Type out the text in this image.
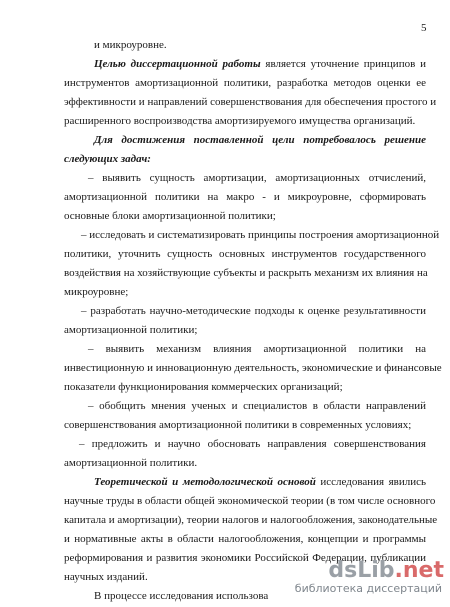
5
и микроуровне.
Целью диссертационной работы является уточнение принципов и
инструментов амортизационной политики, разработка методов оценки ее
эффективности и направлений совершенствования для обеспечения простого и
расширенного воспроизводства амортизируемого имущества организаций.
Для достижения поставленной цели потребовалось решение
следующих задач:
– выявить сущность амортизации, амортизационных отчислений,
амортизационной политики на макро - и микроуровне, сформировать
основные блоки амортизационной политики;
– исследовать и систематизировать принципы построения амортизационной
политики, уточнить сущность основных инструментов государственного
воздействия на хозяйствующие субъекты и раскрыть механизм их влияния на
микроуровне;
– разработать научно-методические подходы к оценке результативности
амортизационной политики;
– выявить механизм влияния амортизационной политики на
инвестиционную и инновационную деятельность, экономические и финансовые
показатели функционирования коммерческих организаций;
– обобщить мнения ученых и специалистов в области направлений
совершенствования амортизационной политики в современных условиях;
– предложить и научно обосновать направления совершенствования
амортизационной политики.
Теоретической и методологической основой исследования явились
научные труды в области общей экономической теории (в том числе основного
капитала и амортизации), теории налогов и налогообложения, законодательные
и нормативные акты в области налогообложения, концепции и программы
реформирования и развития экономики Российской Федерации, публикации
научных изданий.
В процессе исследования использова
dsLib.net
библиотека диссертаций
